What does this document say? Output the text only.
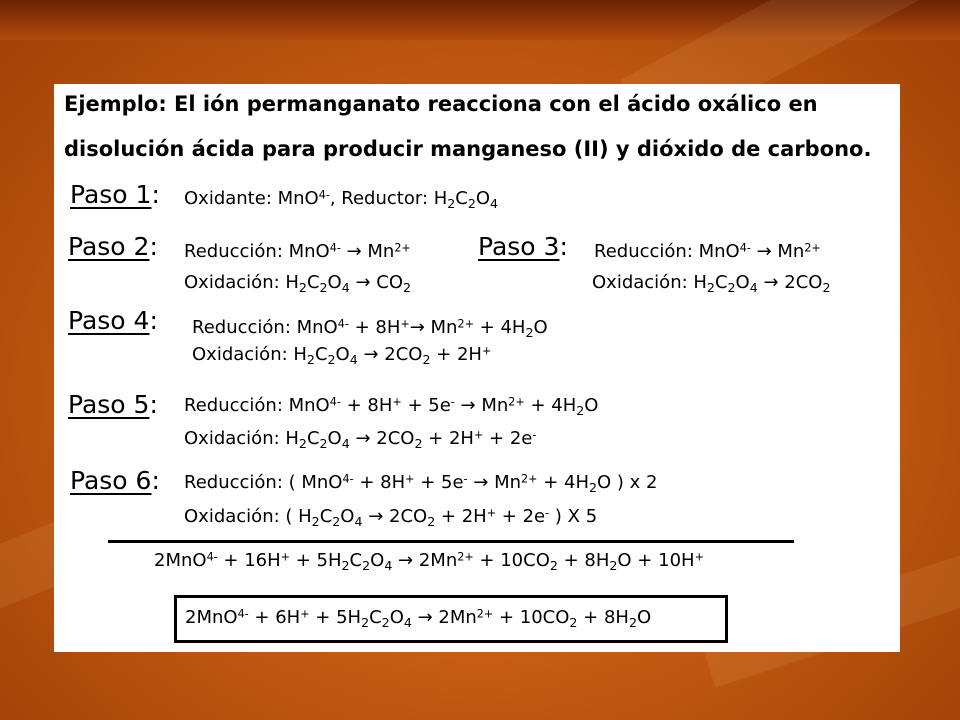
Ejemplo: El ión permanganato reacciona con el ácido oxálico en
disolución ácida para producir manganeso (II) y dióxido de carbono.
Paso 1: Oxidante: MnO$^{4-}$, Reductor: $H_2C_2O_4$
Paso 2: Reducción: $MnO^{4-} \to Mn^{2+}$
Oxidación: $H_2C_2O_4 \to CO_2$
Paso 3: Reducción: $MnO^{4-} \to Mn^{2+}$
Oxidación: $H_2C_2O_4 \to 2CO_2$
Paso 4: Reducción: $MnO^{4-} + 8H^+\to Mn^{2+} + 4H_2O$
Oxidación: $H_2C_2O_4 \to 2CO_2 + 2H^+$
Paso 5: Reducción: $MnO^{4-} + 8H^+ + 5e^- \to Mn^{2+} + 4H_2O$
Oxidación: $H_2C_2O_4 \to 2CO_2 + 2H^+ + 2e^-$
Paso 6: Reducción: ( $MnO^{4-} + 8H^+ + 5e^- \to Mn^{2+} + 4H_2O$ ) x 2
Oxidación: ( $H_2C_2O_4 \to 2CO_2 + 2H^+ + 2e^-$ ) X 5
$2MnO^{4-} + 16H^+ + 5H_2C_2O_4 \to 2Mn^{2+} + 10CO_2 + 8H_2O + 10H^+$
$2MnO^{4-} + 6H^+ + 5H_2C_2O_4 \to 2Mn^{2+} + 10CO_2 + 8H_2O$
